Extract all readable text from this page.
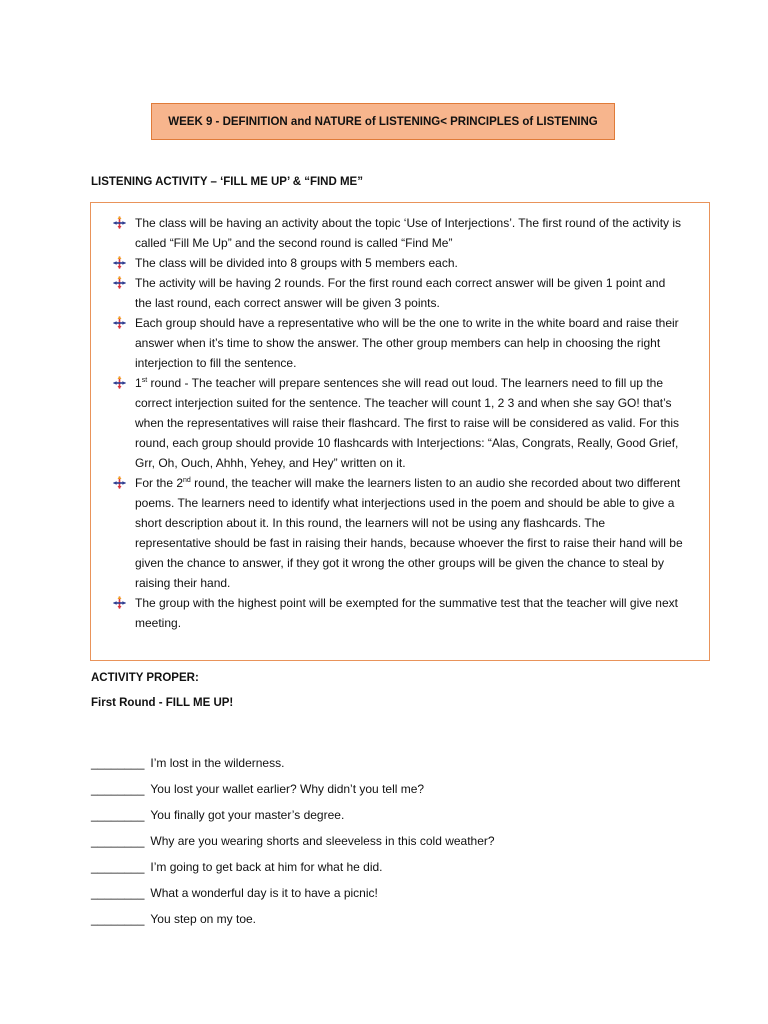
WEEK 9 - DEFINITION and NATURE of LISTENING< PRINCIPLES of LISTENING
LISTENING ACTIVITY – ‘FILL ME UP’ & “FIND ME”
The class will be having an activity about the topic ‘Use of Interjections’. The first round of the activity is called “Fill Me Up” and the second round is called “Find Me”
The class will be divided into 8 groups with 5 members each.
The activity will be having 2 rounds. For the first round each correct answer will be given 1 point and the last round, each correct answer will be given 3 points.
Each group should have a representative who will be the one to write in the white board and raise their answer when it’s time to show the answer. The other group members can help in choosing the right interjection to fill the sentence.
1st round - The teacher will prepare sentences she will read out loud. The learners need to fill up the correct interjection suited for the sentence. The teacher will count 1, 2 3 and when she say GO! that’s when the representatives will raise their flashcard. The first to raise will be considered as valid. For this round, each group should provide 10 flashcards with Interjections: “Alas, Congrats, Really, Good Grief, Grr, Oh, Ouch, Ahhh, Yehey, and Hey” written on it.
For the 2nd round, the teacher will make the learners listen to an audio she recorded about two different poems. The learners need to identify what interjections used in the poem and should be able to give a short description about it. In this round, the learners will not be using any flashcards. The representative should be fast in raising their hands, because whoever the first to raise their hand will be given the chance to answer, if they got it wrong the other groups will be given the chance to steal by raising their hand.
The group with the highest point will be exempted for the summative test that the teacher will give next meeting.
ACTIVITY PROPER:
First Round - FILL ME UP!
________ I’m lost in the wilderness.
________ You lost your wallet earlier? Why didn’t you tell me?
________ You finally got your master’s degree.
________ Why are you wearing shorts and sleeveless in this cold weather?
________ I’m going to get back at him for what he did.
________ What a wonderful day is it to have a picnic!
________ You step on my toe.
